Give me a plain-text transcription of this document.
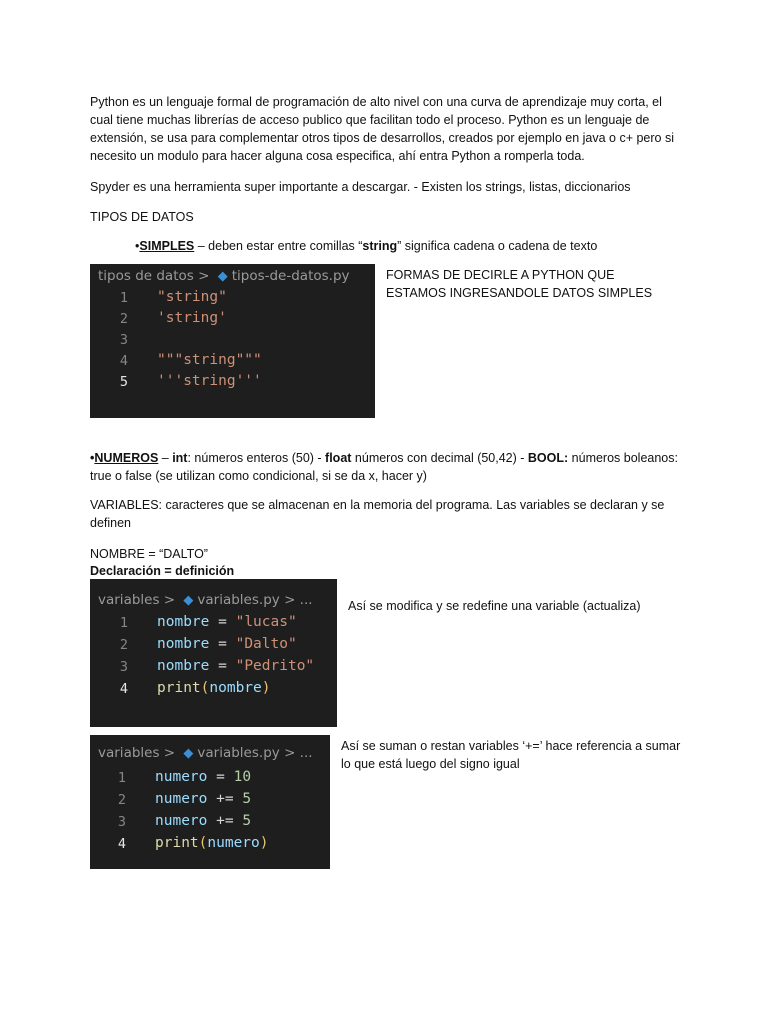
Python es un lenguaje formal de programación de alto nivel con una curva de aprendizaje muy corta, el cual tiene muchas librerías de acceso publico que facilitan todo el proceso. Python es un lenguaje de extensión, se usa para complementar otros tipos de desarrollos, creados por ejemplo en java o c+ pero si necesito un modulo para hacer alguna cosa especifica, ahí entra Python a romperla toda.

Spyder es una herramienta super importante a descargar. - Existen los strings, listas, diccionarios

TIPOS DE DATOS

•SIMPLES – deben estar entre comillas “string” significa cadena o cadena de texto

tipos de datos > ◆ tipos-de-datos.py
1
2
3
4
5
"string"
'string'
"""string"""
'''string'''
FORMAS DE DECIRLE A PYTHON QUE ESTAMOS INGRESANDOLE DATOS SIMPLES

•NUMEROS – int: números enteros (50) - float números con decimal (50,42) - BOOL: números boleanos: true o false (se utilizan como condicional, si se da x, hacer y)

VARIABLES: caracteres que se almacenan en la memoria del programa. Las variables se declaran y se definen

NOMBRE = “DALTO”

Declaración = definición

variables > ◆ variables.py > ...
1
2
3
4
nombre = "lucas"
nombre = "Dalto"
nombre = "Pedrito"
print(nombre)
Así se modifica y se redefine una variable (actualiza)
variables > ◆ variables.py > ...
1
2
3
4
numero = 10
numero += 5
numero += 5
print(numero)
Así se suman o restan variables ‘+=’ hace referencia a sumar lo que está luego del signo igual
